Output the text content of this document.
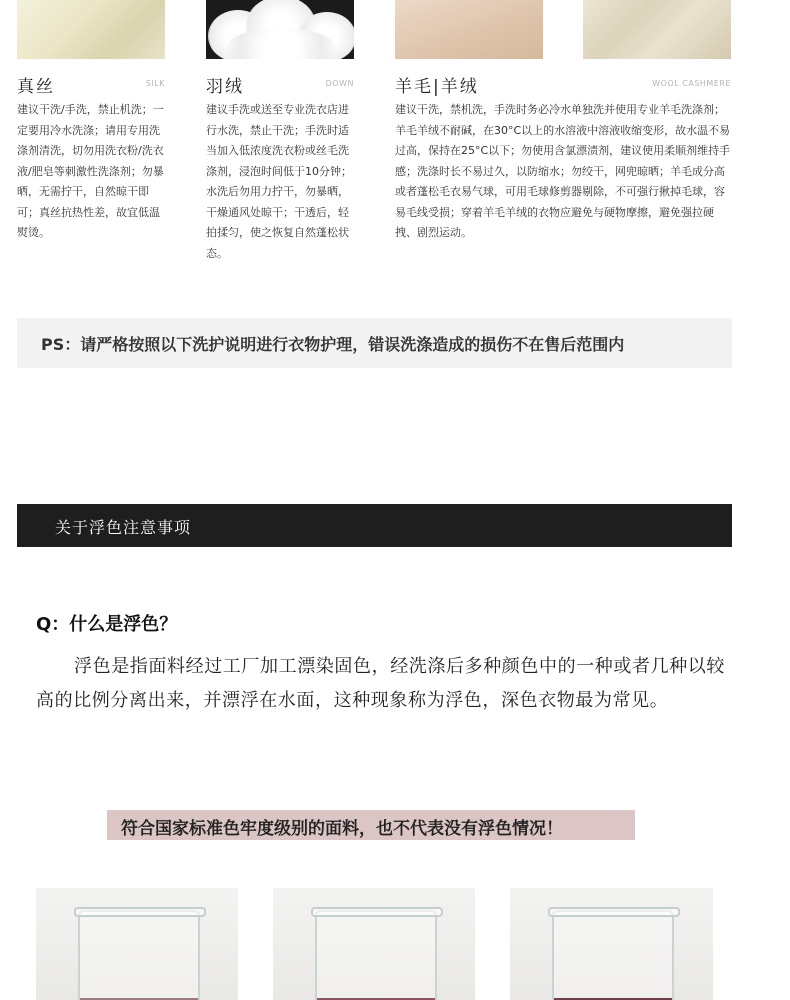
真丝	SILK 羽绒	DOWN 羊毛|羊绒	WOOL CASHMERE
建议干洗/手洗，禁止机洗；一定要用冷水洗涤；请用专用洗涤剂清洗，切勿用洗衣粉/洗衣液/肥皂等刺激性洗涤剂；勿暴晒，无需拧干，自然晾干即可；真丝抗热性差，故宜低温熨烫。
建议手洗或送至专业洗衣店进行水洗，禁止干洗；手洗时适当加入低浓度洗衣粉或丝毛洗涤剂，浸泡时间低于10分钟；水洗后勿用力拧干，勿暴晒，干燥通风处晾干；干透后，轻拍揉匀，使之恢复自然蓬松状态。
建议干洗，禁机洗，手洗时务必冷水单独洗并使用专业羊毛洗涤剂；羊毛羊绒不耐碱，在30°C以上的水溶液中溶液收缩变形，故水温不易过高，保持在25°C以下；勿使用含氯漂渍剂，建议使用柔顺剂维持手感；洗涤时长不易过久，以防缩水；勿绞干，网兜晾晒；羊毛成分高或者蓬松毛衣易气球，可用毛球修剪器剔除，不可强行揪掉毛球，容易毛线受损；穿着羊毛羊绒的衣物应避免与硬物摩擦，避免强拉硬拽、剧烈运动。
PS：请严格按照以下洗护说明进行衣物护理，错误洗涤造成的损伤不在售后范围内
关于浮色注意事项
Q：什么是浮色？
浮色是指面料经过工厂加工漂染固色，经洗涤后多种颜色中的一种或者几种以较高的比例分离出来，并漂浮在水面，这种现象称为浮色，深色衣物最为常见。
符合国家标准色牢度级别的面料，也不代表没有浮色情况！
